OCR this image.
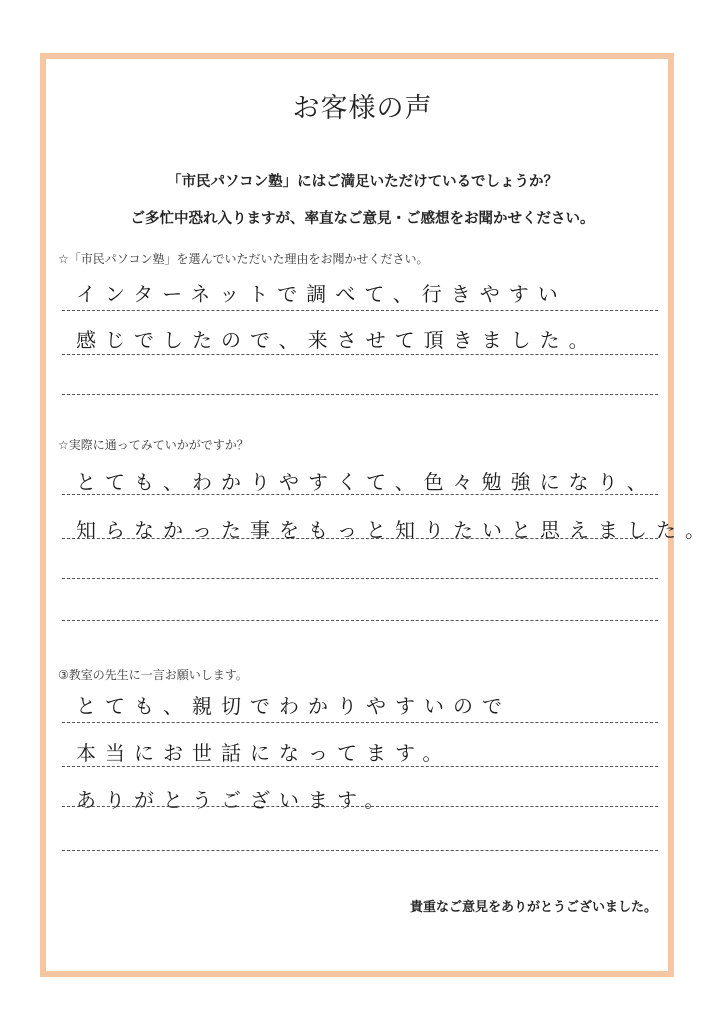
お客様の声
「市民パソコン塾」にはご満足いただけているでしょうか？
ご多忙中恐れ入りますが、率直なご意見・ご感想をお聞かせください。
☆「市民パソコン塾」を選んでいただいた理由をお聞かせください。
インターネットで調べて、行きやすい
感じでしたので、来させて頂きました。
☆実際に通ってみていかがですか？
とても、わかりやすくて、色々勉強になり、
知らなかった事をもっと知りたいと思えました。
③教室の先生に一言お願いします。
とても、親切でわかりやすいので
本当にお世話になってます。
ありがとうございます。
貴重なご意見をありがとうございました。
